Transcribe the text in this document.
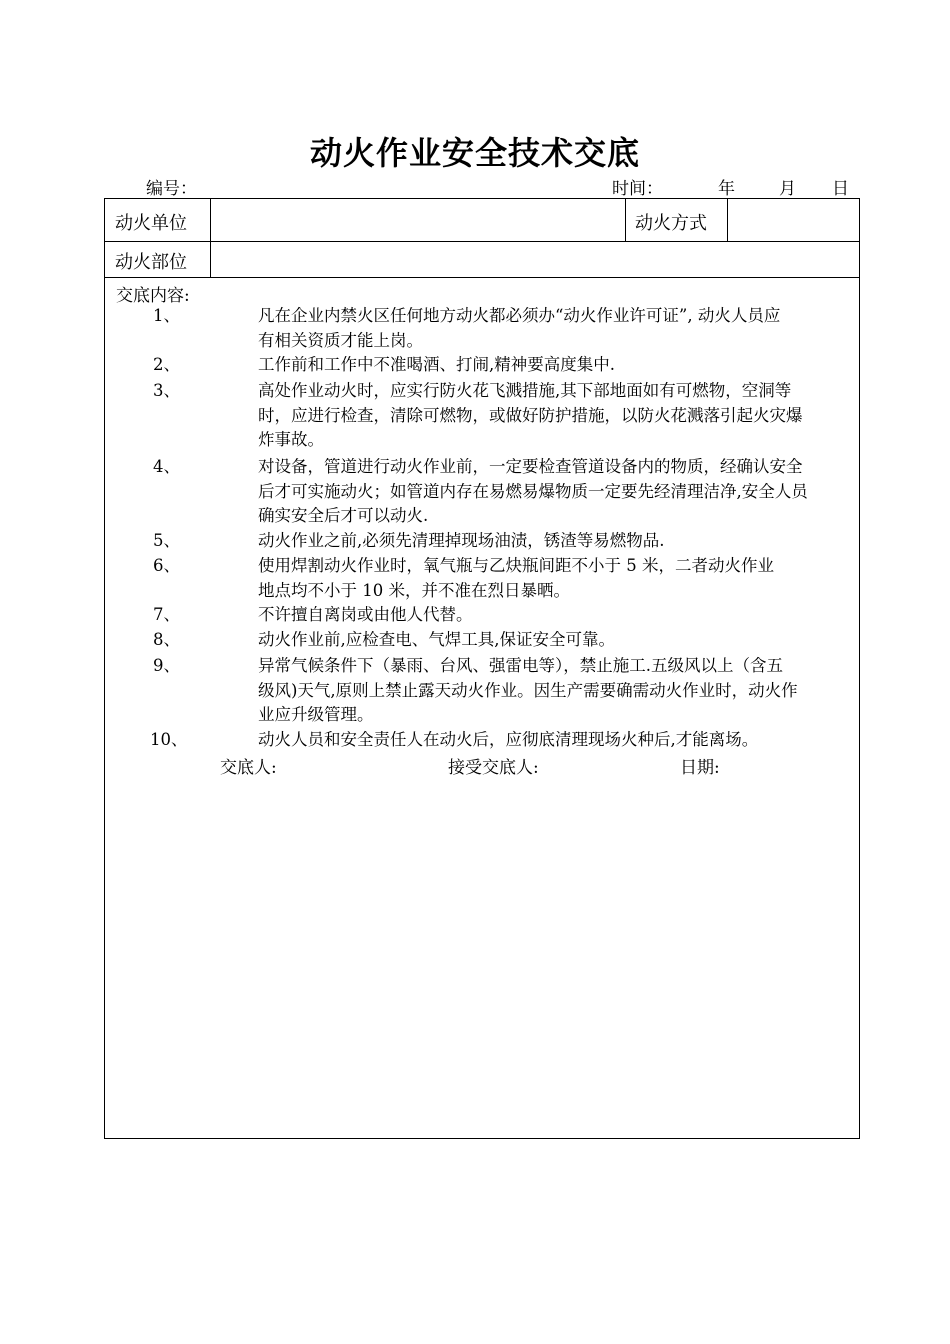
动火作业安全技术交底
编号：	时间：	年	月 日
动火单位	动火方式
动火部位
交底内容:
1、	凡在企业内禁火区任何地方动火都必须办“动火作业许可证”, 动火人员应
有相关资质才能上岗。
2、	工作前和工作中不准喝酒、打闹,精神要高度集中.
3、	高处作业动火时，应实行防火花飞溅措施,其下部地面如有可燃物，空洞等
时，应进行检查，清除可燃物，或做好防护措施，以防火花溅落引起火灾爆
炸事故。
4、	对设备，管道进行动火作业前，一定要检查管道设备内的物质，经确认安全
后才可实施动火；如管道内存在易燃易爆物质一定要先经清理洁净,安全人员
确实安全后才可以动火.
5、	动火作业之前,必须先清理掉现场油渍，锈渣等易燃物品.
6、	使用焊割动火作业时，氧气瓶与乙炔瓶间距不小于 5 米，二者动火作业
地点均不小于 10 米，并不准在烈日暴晒。
7、	不许擅自离岗或由他人代替。
8、	动火作业前,应检查电、气焊工具,保证安全可靠。
9、	异常气候条件下（暴雨、台风、强雷电等），禁止施工.五级风以上（含五
级风)天气,原则上禁止露天动火作业。因生产需要确需动火作业时，动火作
业应升级管理。
10、	动火人员和安全责任人在动火后，应彻底清理现场火种后,才能离场。
交底人:	接受交底人:	日期:
